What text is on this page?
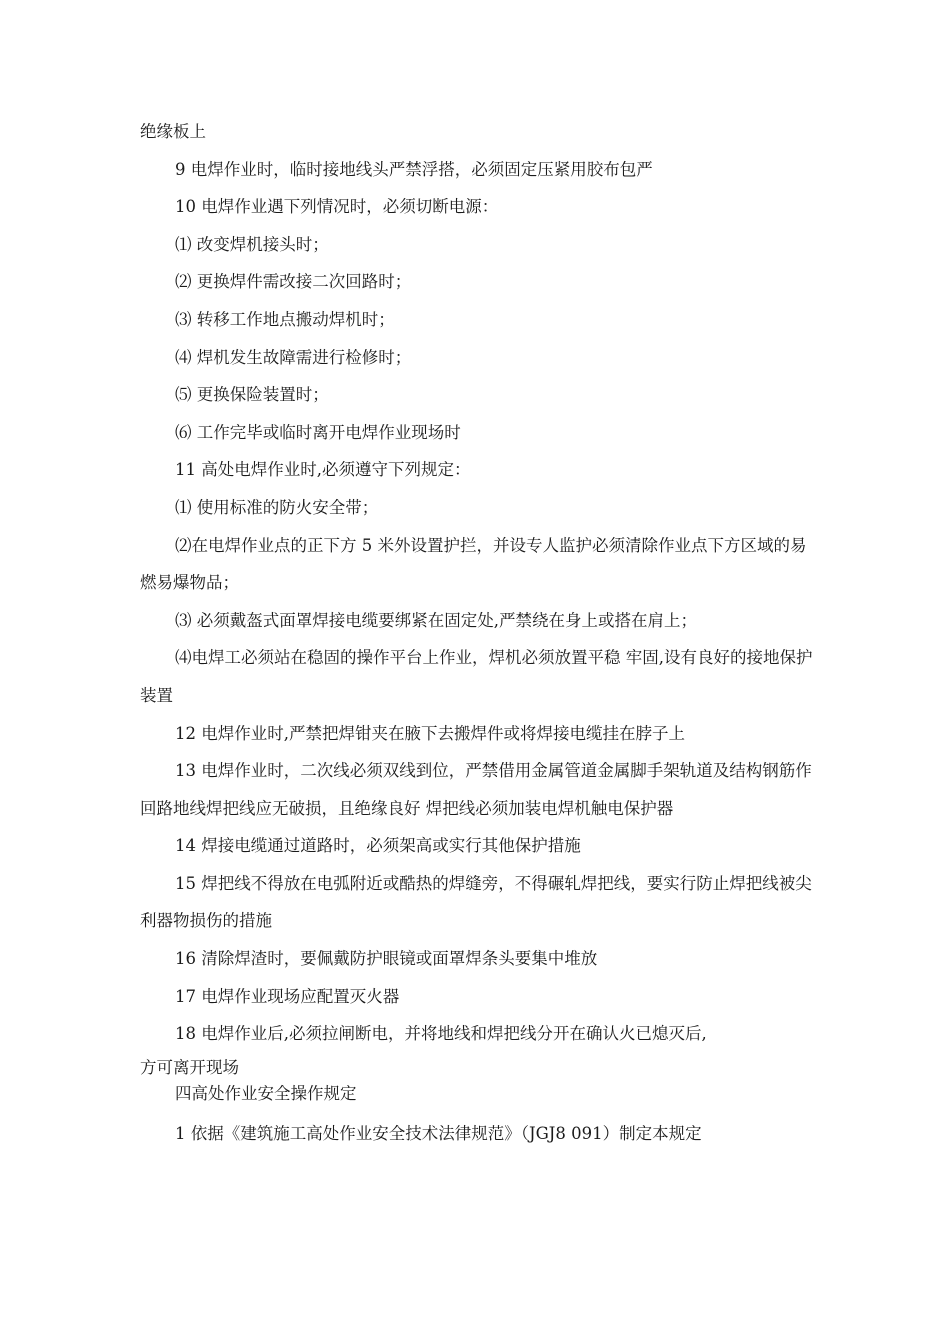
绝缘板上

9 电焊作业时，临时接地线头严禁浮搭，必须固定压紧用胶布包严

10 电焊作业遇下列情况时，必须切断电源：

⑴ 改变焊机接头时；

⑵ 更换焊件需改接二次回路时；

⑶ 转移工作地点搬动焊机时；

⑷ 焊机发生故障需进行检修时；

⑸ 更换保险装置时；

⑹ 工作完毕或临时离开电焊作业现场时

11 高处电焊作业时,必须遵守下列规定：

⑴ 使用标准的防火安全带；

⑵在电焊作业点的正下方 5 米外设置护拦，并设专人监护必须清除作业点下方区域的易燃易爆物品；

⑶ 必须戴盔式面罩焊接电缆要绑紧在固定处,严禁绕在身上或搭在肩上；

⑷电焊工必须站在稳固的操作平台上作业，焊机必须放置平稳 牢固,设有良好的接地保护装置

12 电焊作业时,严禁把焊钳夹在腋下去搬焊件或将焊接电缆挂在脖子上

13 电焊作业时，二次线必须双线到位，严禁借用金属管道金属脚手架轨道及结构钢筋作回路地线焊把线应无破损，且绝缘良好 焊把线必须加装电焊机触电保护器

14 焊接电缆通过道路时，必须架高或实行其他保护措施

15 焊把线不得放在电弧附近或酷热的焊缝旁，不得碾轧焊把线，要实行防止焊把线被尖利器物损伤的措施

16 清除焊渣时，要佩戴防护眼镜或面罩焊条头要集中堆放

17 电焊作业现场应配置灭火器

18 电焊作业后,必须拉闸断电，并将地线和焊把线分开在确认火已熄灭后,

方可离开现场

四高处作业安全操作规定

1 依据《建筑施工高处作业安全技术法律规范》（JGJ8 091）制定本规定
